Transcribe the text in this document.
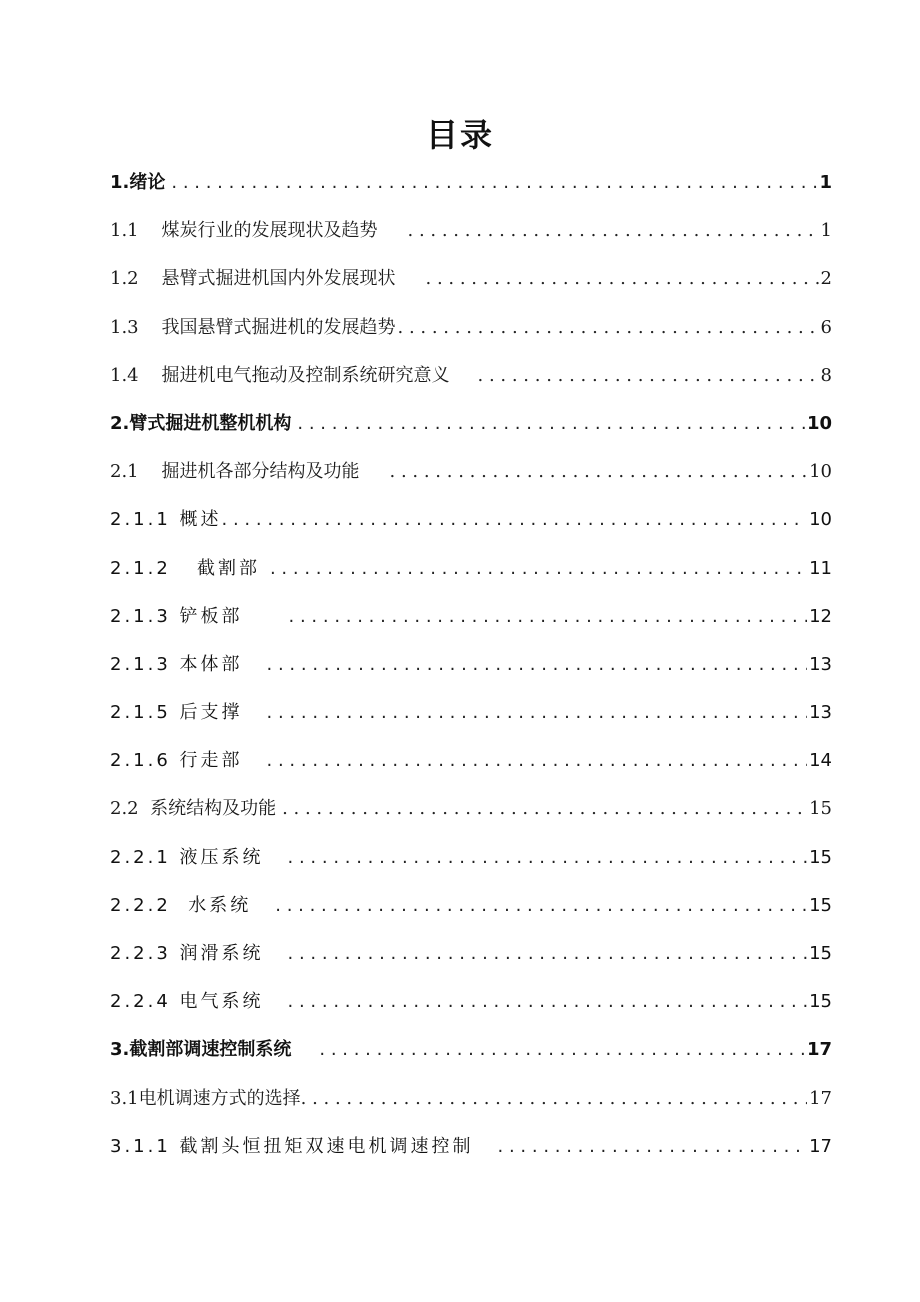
目录
1.绪论 . . .	1
1.1 煤炭行业的发展现状及趋势 . . .	1
1.2 悬臂式掘进机国内外发展现状 . . .	2
1.3 我国悬臂式掘进机的发展趋势 . . .	6
1.4 掘进机电气拖动及控制系统研究意义 . . .	8
2.臂式掘进机整机机构 . . .	10
2.1 掘进机各部分结构及功能 . . .	10
2.1.1 概述 . . .	10
2.1.2 截割部 . . .	11
2.1.3 铲板部 . . .	12
2.1.3 本体部 . . .	13
2.1.5 后支撑 . . .	13
2.1.6 行走部 . . .	14
2.2 系统结构及功能 . . .	15
2.2.1 液压系统 . . .	15
2.2.2 水系统 . . .	15
2.2.3 润滑系统 . . .	15
2.2.4 电气系统 . . .	15
3.截割部调速控制系统 . . .	17
3.1电机调速方式的选择 . . .	17
3.1.1 截割头恒扭矩双速电机调速控制 . . .	17
